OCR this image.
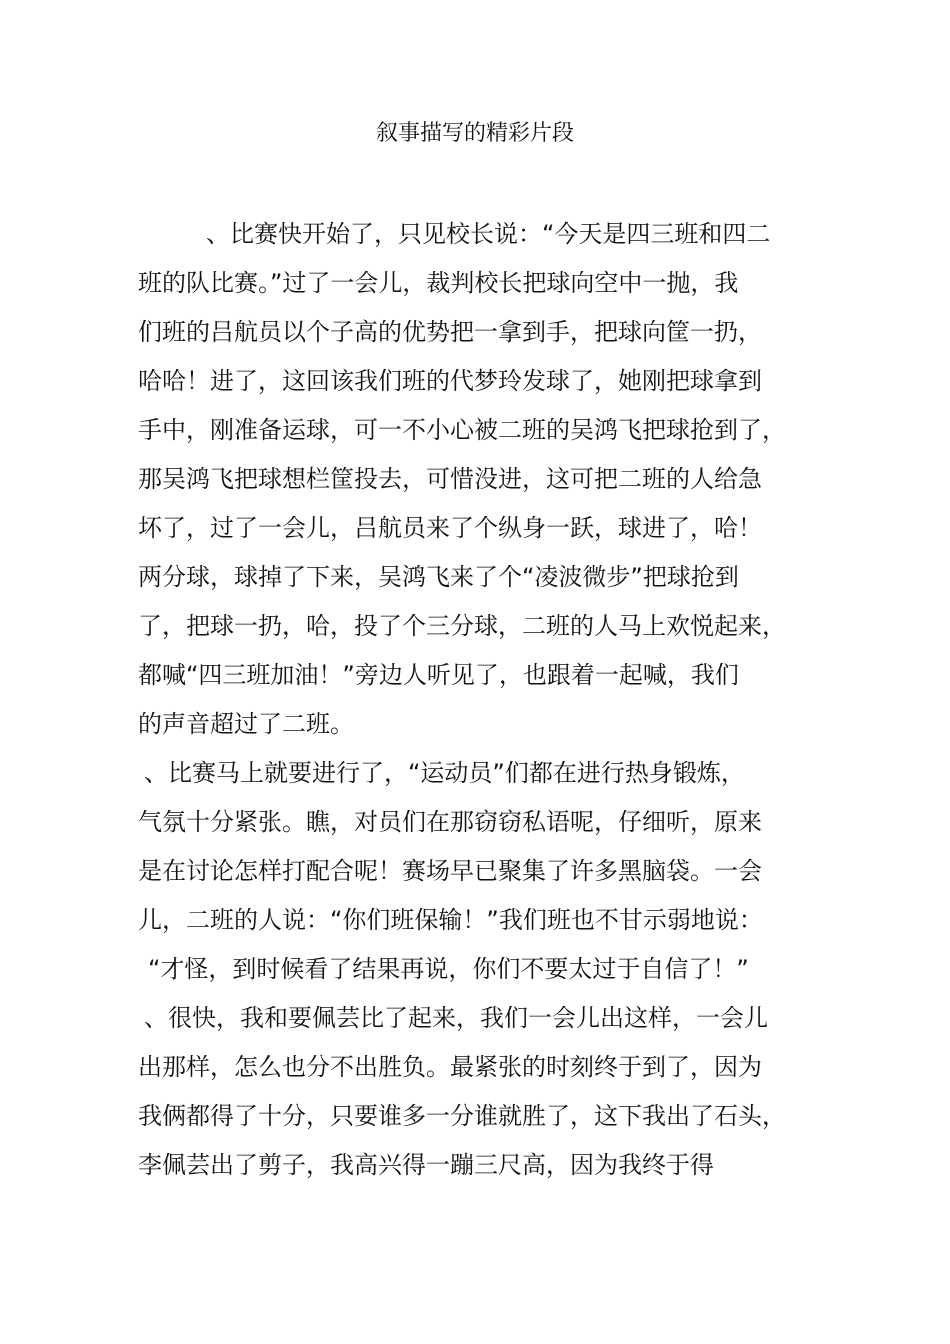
叙事描写的精彩片段
、比赛快开始了，只见校长说：“今天是四三班和四二
班的队比赛。”过了一会儿，裁判校长把球向空中一抛，我
们班的吕航员以个子高的优势把一拿到手，把球向筐一扔，
哈哈！进了，这回该我们班的代梦玲发球了，她刚把球拿到
手中，刚准备运球，可一不小心被二班的吴鸿飞把球抢到了，
那吴鸿飞把球想栏筐投去，可惜没进，这可把二班的人给急
坏了，过了一会儿，吕航员来了个纵身一跃，球进了，哈！
两分球，球掉了下来，吴鸿飞来了个“凌波微步”把球抢到
了，把球一扔，哈，投了个三分球，二班的人马上欢悦起来，
都喊“四三班加油！”旁边人听见了，也跟着一起喊，我们
的声音超过了二班。
、比赛马上就要进行了，“运动员”们都在进行热身锻炼，
气氛十分紧张。瞧，对员们在那窃窃私语呢，仔细听，原来
是在讨论怎样打配合呢！赛场早已聚集了许多黑脑袋。一会
儿，二班的人说：“你们班保输！”我们班也不甘示弱地说：
“才怪，到时候看了结果再说，你们不要太过于自信了！”
、很快，我和要佩芸比了起来，我们一会儿出这样，一会儿
出那样，怎么也分不出胜负。最紧张的时刻终于到了，因为
我俩都得了十分，只要谁多一分谁就胜了，这下我出了石头，
李佩芸出了剪子，我高兴得一蹦三尺高，因为我终于得
